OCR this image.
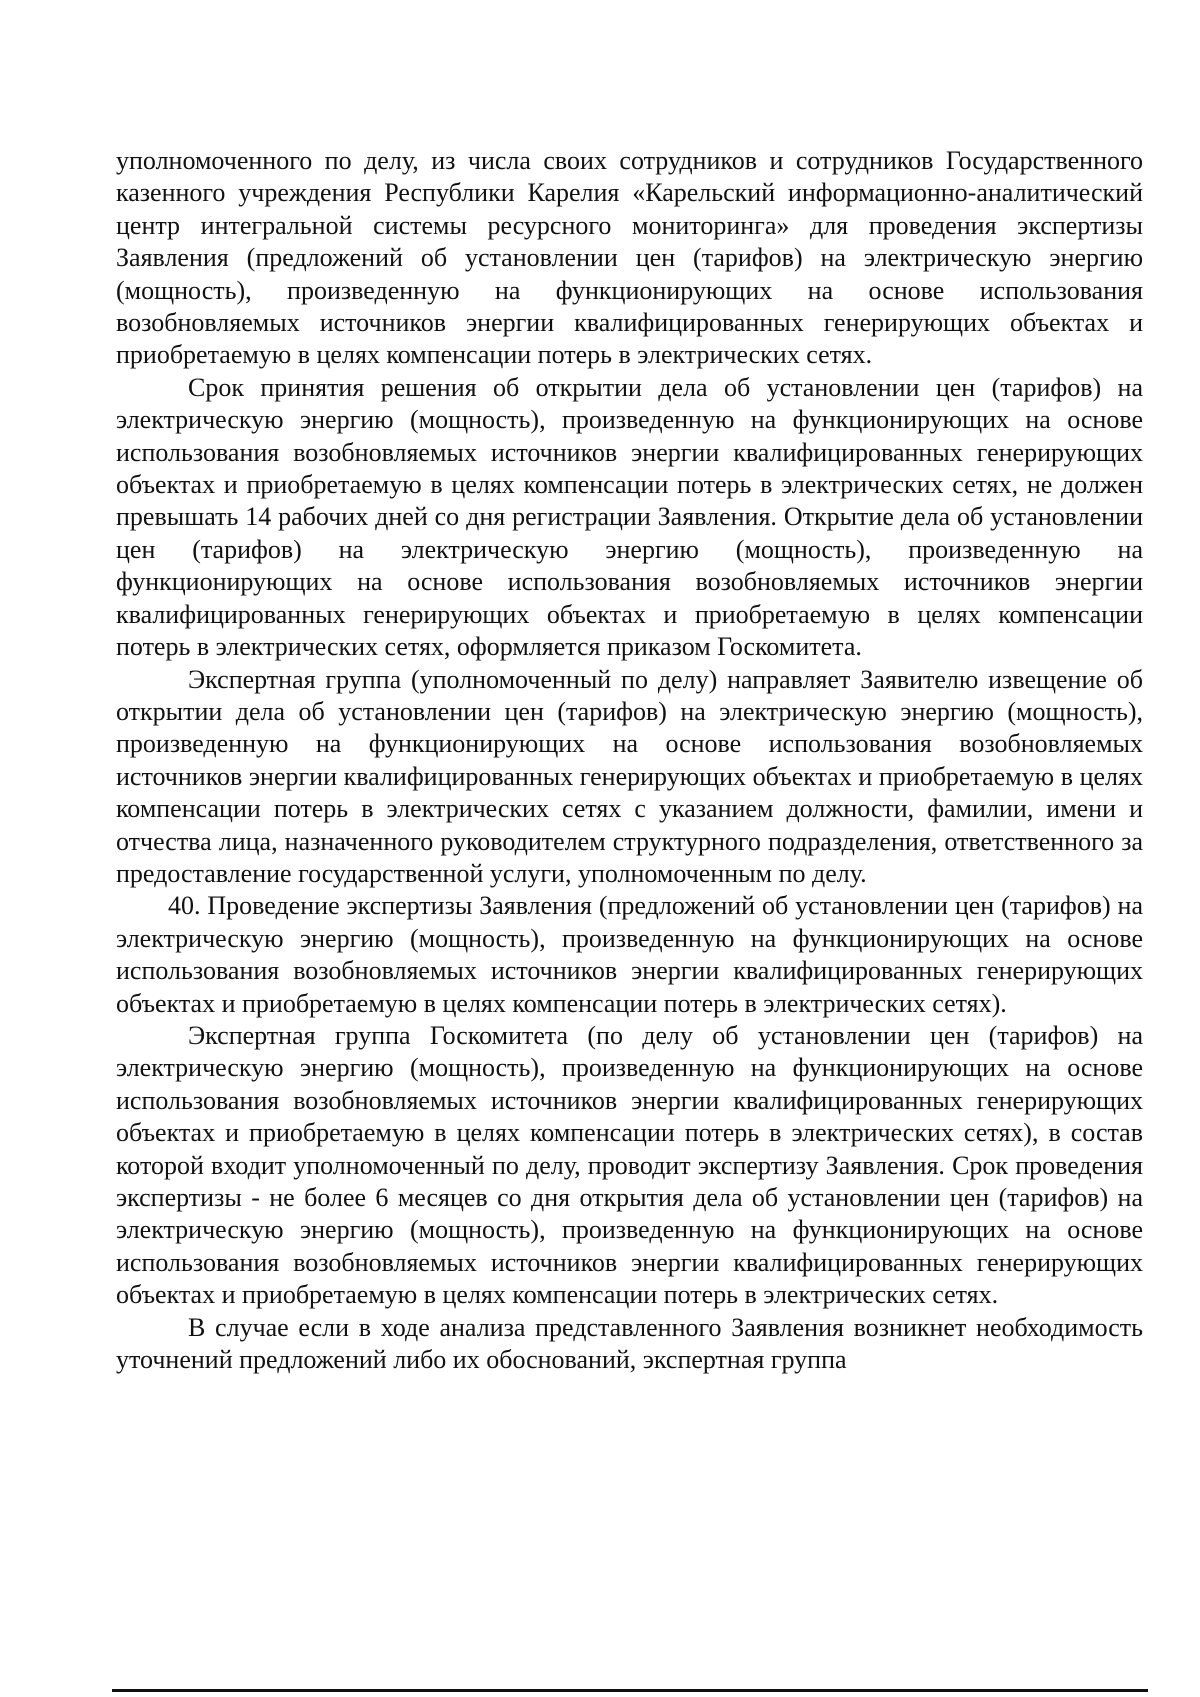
уполномоченного по делу, из числа своих сотрудников и сотрудников Государственного казенного учреждения Республики Карелия «Карельский информационно-аналитический центр интегральной системы ресурсного мониторинга» для проведения экспертизы Заявления (предложений об установлении цен (тарифов) на электрическую энергию (мощность), произведенную на функционирующих на основе использования возобновляемых источников энергии квалифицированных генерирующих объектах и приобретаемую в целях компенсации потерь в электрических сетях.

Срок принятия решения об открытии дела об установлении цен (тарифов) на электрическую энергию (мощность), произведенную на функционирующих на основе использования возобновляемых источников энергии квалифицированных генерирующих объектах и приобретаемую в целях компенсации потерь в электрических сетях, не должен превышать 14 рабочих дней со дня регистрации Заявления. Открытие дела об установлении цен (тарифов) на электрическую энергию (мощность), произведенную на функционирующих на основе использования возобновляемых источников энергии квалифицированных генерирующих объектах и приобретаемую в целях компенсации потерь в электрических сетях, оформляется приказом Госкомитета.

Экспертная группа (уполномоченный по делу) направляет Заявителю извещение об открытии дела об установлении цен (тарифов) на электрическую энергию (мощность), произведенную на функционирующих на основе использования возобновляемых источников энергии квалифицированных генерирующих объектах и приобретаемую в целях компенсации потерь в электрических сетях с указанием должности, фамилии, имени и отчества лица, назначенного руководителем структурного подразделения, ответственного за предоставление государственной услуги, уполномоченным по делу.

40. Проведение экспертизы Заявления (предложений об установлении цен (тарифов) на электрическую энергию (мощность), произведенную на функционирующих на основе использования возобновляемых источников энергии квалифицированных генерирующих объектах и приобретаемую в целях компенсации потерь в электрических сетях).

Экспертная группа Госкомитета (по делу об установлении цен (тарифов) на электрическую энергию (мощность), произведенную на функционирующих на основе использования возобновляемых источников энергии квалифицированных генерирующих объектах и приобретаемую в целях компенсации потерь в электрических сетях), в состав которой входит уполномоченный по делу, проводит экспертизу Заявления. Срок проведения экспертизы - не более 6 месяцев со дня открытия дела об установлении цен (тарифов) на электрическую энергию (мощность), произведенную на функционирующих на основе использования возобновляемых источников энергии квалифицированных генерирующих объектах и приобретаемую в целях компенсации потерь в электрических сетях.

В случае если в ходе анализа представленного Заявления возникнет необходимость уточнений предложений либо их обоснований, экспертная группа
